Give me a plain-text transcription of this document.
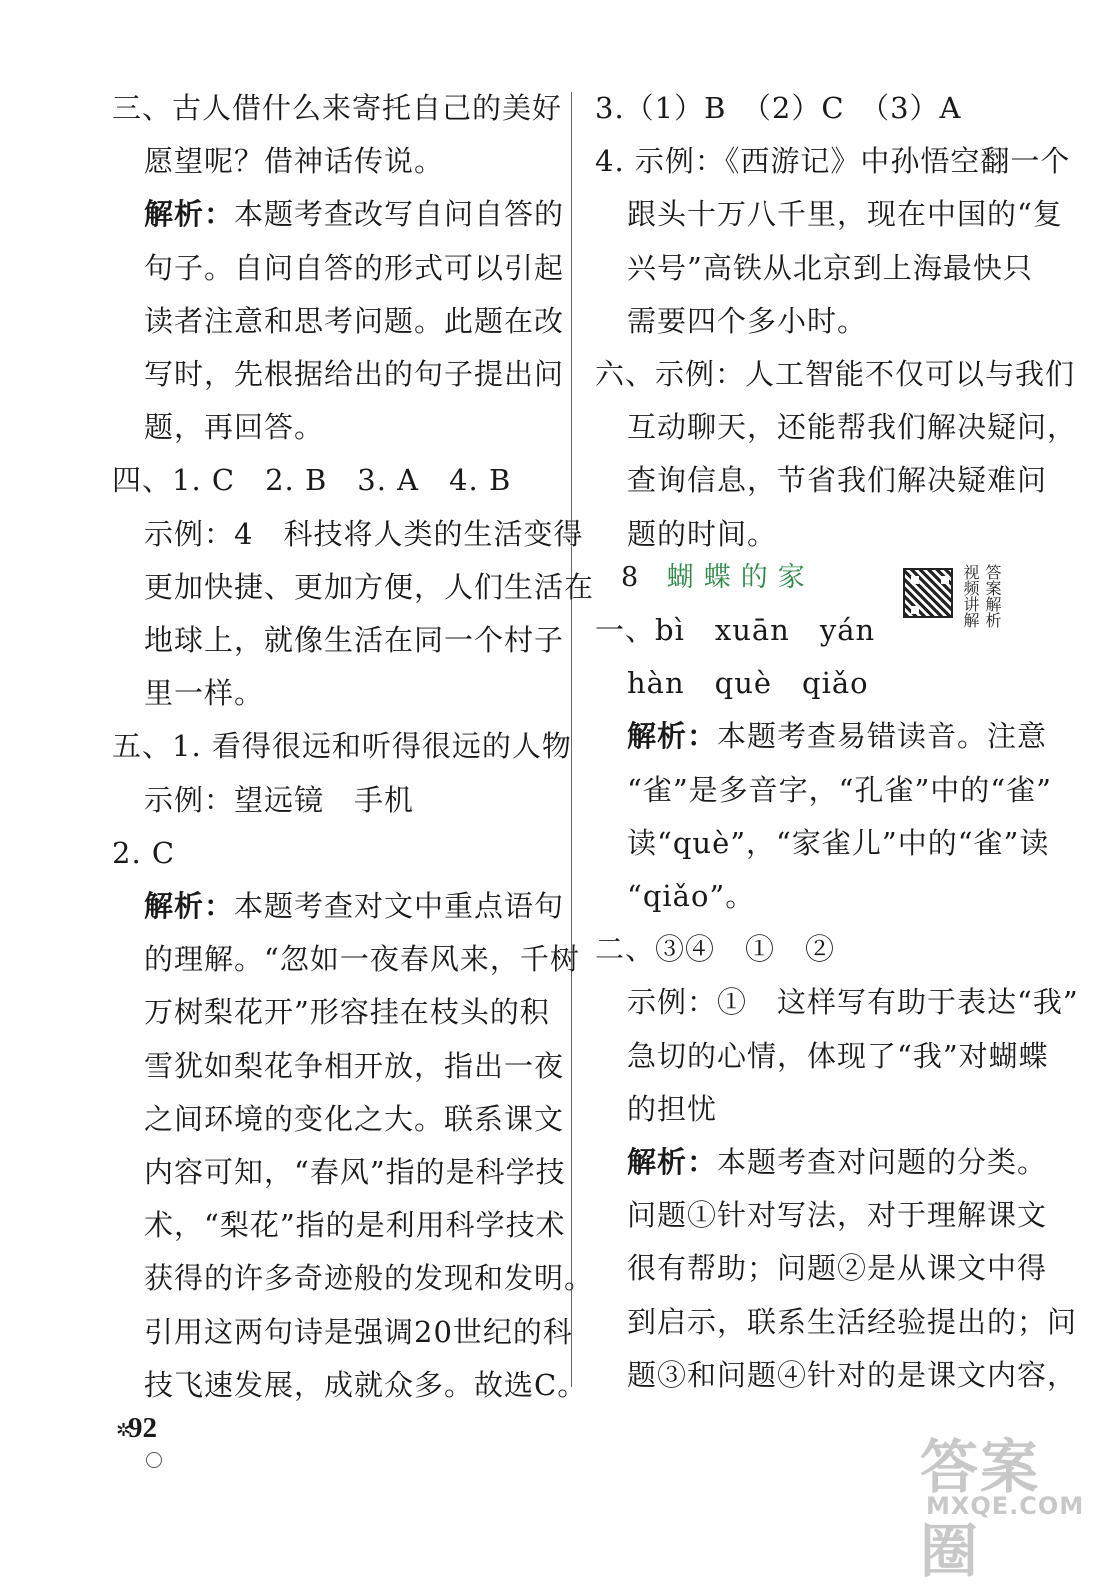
三、古人借什么来寄托自己的美好
愿望呢？借神话传说。
解析：本题考查改写自问自答的
句子。自问自答的形式可以引起
读者注意和思考问题。此题在改
写时，先根据给出的句子提出问
题，再回答。
四、1. C　2. B　3. A　4. B
示例：4　科技将人类的生活变得
更加快捷、更加方便，人们生活在
地球上，就像生活在同一个村子
里一样。
五、1. 看得很远和听得很远的人物
示例：望远镜　手机
2. C
解析：本题考查对文中重点语句
的理解。“忽如一夜春风来，千树
万树梨花开”形容挂在枝头的积
雪犹如梨花争相开放，指出一夜
之间环境的变化之大。联系课文
内容可知，“春风”指的是科学技
术，“梨花”指的是利用科学技术
获得的许多奇迹般的发现和发明。
引用这两句诗是强调20世纪的科
技飞速发展，成就众多。故选C。
8 蝴蝶的家	视频讲解 答案解析
3.（1）B　（2）C　（3）A
4. 示例：《西游记》中孙悟空翻一个
跟头十万八千里，现在中国的“复
兴号”高铁从北京到上海最快只
需要四个多小时。
六、示例：人工智能不仅可以与我们
互动聊天，还能帮我们解决疑问，
查询信息，节省我们解决疑难问
题的时间。
一、bì　xuān　yán
hàn　què　qiǎo
解析：本题考查易错读音。注意
“雀”是多音字，“孔雀”中的“雀”
读“què”，“家雀儿”中的“雀”读
“qiǎo”。
二、③④　①　②
示例：①　这样写有助于表达“我”
急切的心情，体现了“我”对蝴蝶
的担忧
解析：本题考查对问题的分类。
问题①针对写法，对于理解课文
很有帮助；问题②是从课文中得
到启示，联系生活经验提出的；问
题③和问题④针对的是课文内容，
✲
92
答案圈
MXQE.COM
